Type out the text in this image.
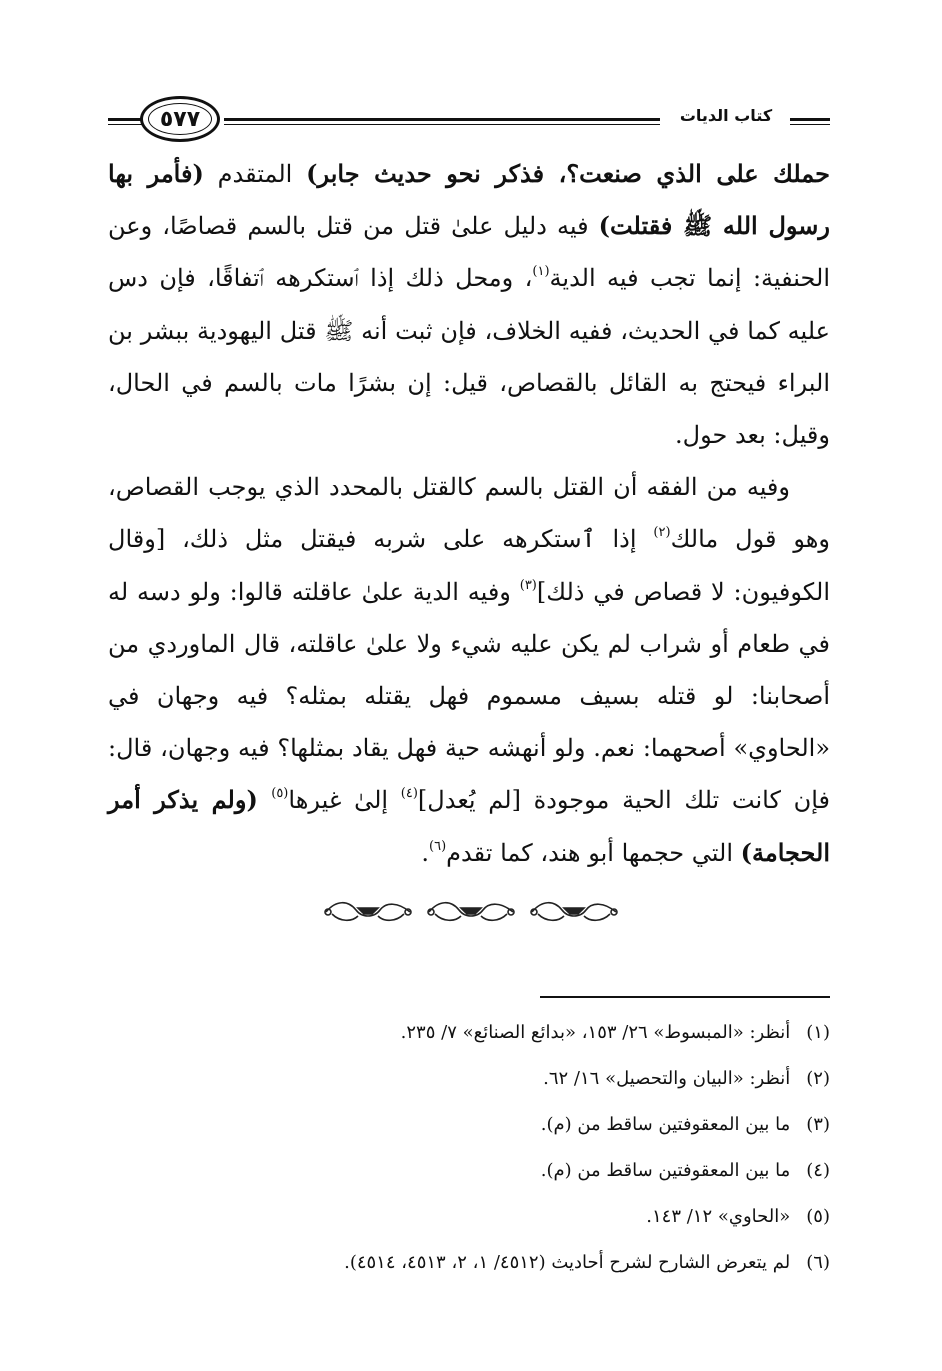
٥٧٧	كتاب الديات

حملك على الذي صنعت؟، فذكر نحو حديث جابر) المتقدم (فأمر بها رسول الله ﷺ فقتلت) فيه دليل علىٰ قتل من قتل بالسم قصاصًا، وعن الحنفية: إنما تجب فيه الدية$^{(١)}$، ومحل ذلك إذا ٱستكرهه ٱتفاقًا، فإن دس عليه كما في الحديث، ففيه الخلاف، فإن ثبت أنه ﷺ قتل اليهودية ببشر بن البراء فيحتج به القائل بالقصاص، قيل: إن بشرًا مات بالسم في الحال، وقيل: بعد حول.

وفيه من الفقه أن القتل بالسم كالقتل بالمحدد الذي يوجب القصاص، وهو قول مالك$^{(٢)}$ إذا ٱستكرهه على شربه فيقتل مثل ذلك، [وقال الكوفيون: لا قصاص في ذلك]$^{(٣)}$ وفيه الدية علىٰ عاقلته قالوا: ولو دسه له في طعام أو شراب لم يكن عليه شيء ولا علىٰ عاقلته، قال الماوردي من أصحابنا: لو قتله بسيف مسموم فهل يقتله بمثله؟ فيه وجهان في «الحاوي» أصحهما: نعم. ولو أنهشه حية فهل يقاد بمثلها؟ فيه وجهان، قال: فإن كانت تلك الحية موجودة [لم يُعدل]$^{(٤)}$ إلىٰ غيرها$^{(٥)}$ (ولم يذكر أمر الحجامة) التي حجمها أبو هند، كما تقدم$^{(٦)}$.

(١) أنظر: «المبسوط» ٢٦/ ١٥٣، «بدائع الصنائع» ٧/ ٢٣٥.
(٢) أنظر: «البيان والتحصيل» ١٦/ ٦٢.
(٣) ما بين المعقوفتين ساقط من (م).
(٤) ما بين المعقوفتين ساقط من (م).
(٥) «الحاوي» ١٢/ ١٤٣.
(٦) لم يتعرض الشارح لشرح أحاديث (٤٥١٢/ ١، ٢، ٤٥١٣، ٤٥١٤).
